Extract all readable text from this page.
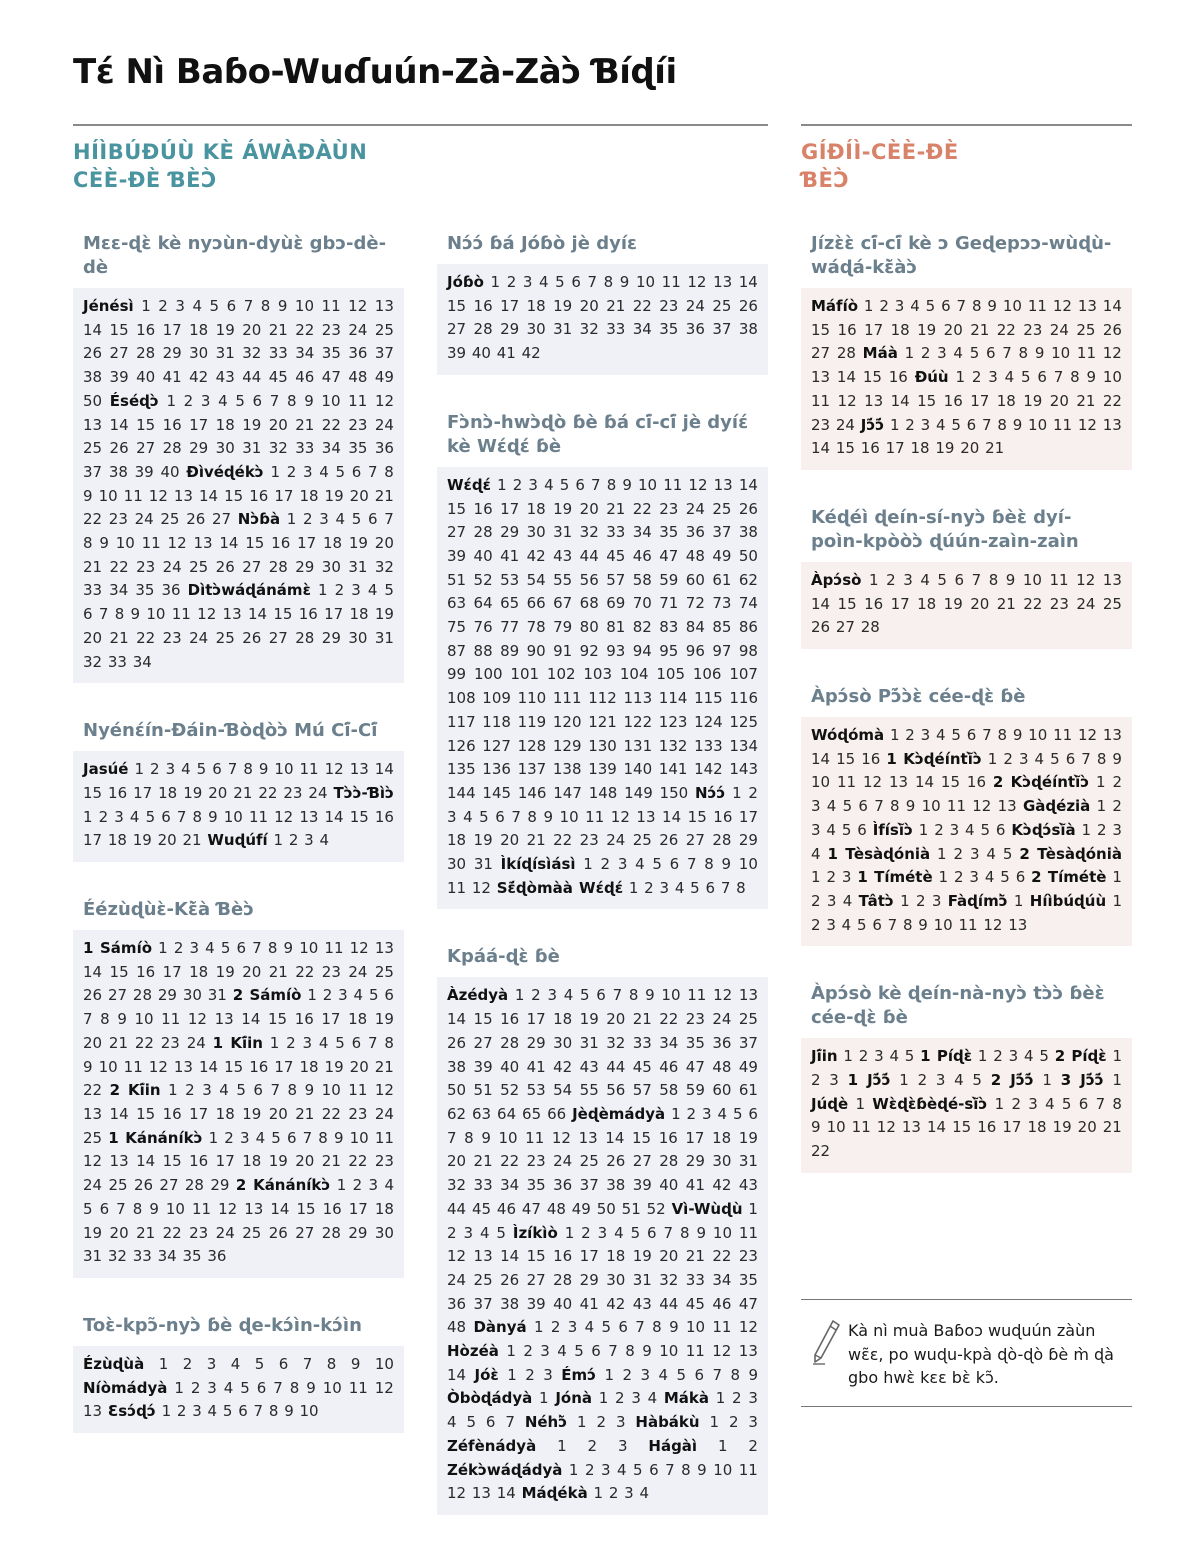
Tɛ́ Nì Baɓo-Wuɗuún-Zà-Zàɔ̀ Ɓíɖíi
HÍÌBÚÐÚÙ KÈ ÁWÀÐÀÙN
CÈÈ-ÐÈ ƁÈƆ̀
GÍÐÍÌ-CÈÈ-ÐÈ
ƁÈƆ̀
Mɛɛ-ɖɛ̀ kè nyɔùn-dyùɛ̀ gbɔ-dè-dè
Jénésì 1 2 3 4 5 6 7 8 9 10 11 12 13 14 15 16 17 18 19 20 21 22 23 24 25 26 27 28 29 30 31 32 33 34 35 36 37 38 39 40 41 42 43 44 45 46 47 48 49 50 Éséɖɔ̀ 1 2 3 4 5 6 7 8 9 10 11 12 13 14 15 16 17 18 19 20 21 22 23 24 25 26 27 28 29 30 31 32 33 34 35 36 37 38 39 40 Ðìvéɖékɔ̀ 1 2 3 4 5 6 7 8 9 10 11 12 13 14 15 16 17 18 19 20 21 22 23 24 25 26 27 Nɔ̀ɓà 1 2 3 4 5 6 7 8 9 10 11 12 13 14 15 16 17 18 19 20 21 22 23 24 25 26 27 28 29 30 31 32 33 34 35 36 Dìtɔ̀wáɖánámɛ̀ 1 2 3 4 5 6 7 8 9 10 11 12 13 14 15 16 17 18 19 20 21 22 23 24 25 26 27 28 29 30 31 32 33 34
Nyénɛ́ín-Ðáin-Ɓòɖòɔ̀ Mú Cĩ́-Cĩ́
Jasúé 1 2 3 4 5 6 7 8 9 10 11 12 13 14 15 16 17 18 19 20 21 22 23 24 Tɔ̀ɔ̀-Ɓìɔ̀ 1 2 3 4 5 6 7 8 9 10 11 12 13 14 15 16 17 18 19 20 21 Wuɖúfí 1 2 3 4
Éézùɖùɛ̀-Kɛ̃̀à Ɓèɔ̀
1 Sámíò 1 2 3 4 5 6 7 8 9 10 11 12 13 14 15 16 17 18 19 20 21 22 23 24 25 26 27 28 29 30 31 2 Sámíò 1 2 3 4 5 6 7 8 9 10 11 12 13 14 15 16 17 18 19 20 21 22 23 24 1 Kĩ́in 1 2 3 4 5 6 7 8 9 10 11 12 13 14 15 16 17 18 19 20 21 22 2 Kĩ́in 1 2 3 4 5 6 7 8 9 10 11 12 13 14 15 16 17 18 19 20 21 22 23 24 25 1 Kánáníkɔ̀ 1 2 3 4 5 6 7 8 9 10 11 12 13 14 15 16 17 18 19 20 21 22 23 24 25 26 27 28 29 2 Kánáníkɔ̀ 1 2 3 4 5 6 7 8 9 10 11 12 13 14 15 16 17 18 19 20 21 22 23 24 25 26 27 28 29 30 31 32 33 34 35 36
Toɛ̀-kpɔ̃-nyɔ̀ ɓè ɖe-kɔ́ìn-kɔ́ìn
Ézùɖùà 1 2 3 4 5 6 7 8 9 10 Níòmádyà 1 2 3 4 5 6 7 8 9 10 11 12 13 Ɛsɔ́ɖɔ́ 1 2 3 4 5 6 7 8 9 10
Nɔ́ɔ́ ɓá Jóɓò jè dyíɛ
Jóɓò 1 2 3 4 5 6 7 8 9 10 11 12 13 14 15 16 17 18 19 20 21 22 23 24 25 26 27 28 29 30 31 32 33 34 35 36 37 38 39 40 41 42
Fɔ̀nɔ̀-hwɔ̀ɖò ɓè ɓá cĩ́-cĩ́ jè dyíɛ́ kè Wɛ́ɖɛ́ ɓè
Wɛ́ɖɛ́ 1 2 3 4 5 6 7 8 9 10 11 12 13 14 15 16 17 18 19 20 21 22 23 24 25 26 27 28 29 30 31 32 33 34 35 36 37 38 39 40 41 42 43 44 45 46 47 48 49 50 51 52 53 54 55 56 57 58 59 60 61 62 63 64 65 66 67 68 69 70 71 72 73 74 75 76 77 78 79 80 81 82 83 84 85 86 87 88 89 90 91 92 93 94 95 96 97 98 99 100 101 102 103 104 105 106 107 108 109 110 111 112 113 114 115 116 117 118 119 120 121 122 123 124 125 126 127 128 129 130 131 132 133 134 135 136 137 138 139 140 141 142 143 144 145 146 147 148 149 150 Nɔ́ɔ́ 1 2 3 4 5 6 7 8 9 10 11 12 13 14 15 16 17 18 19 20 21 22 23 24 25 26 27 28 29 30 31 Ìkíɖísìásì 1 2 3 4 5 6 7 8 9 10 11 12 Sɛ̃́ɖòmàà Wɛ́ɖɛ́ 1 2 3 4 5 6 7 8
Kpáá-ɖɛ̀ ɓè
Àzédyà 1 2 3 4 5 6 7 8 9 10 11 12 13 14 15 16 17 18 19 20 21 22 23 24 25 26 27 28 29 30 31 32 33 34 35 36 37 38 39 40 41 42 43 44 45 46 47 48 49 50 51 52 53 54 55 56 57 58 59 60 61 62 63 64 65 66 Jèɖèmádyà 1 2 3 4 5 6 7 8 9 10 11 12 13 14 15 16 17 18 19 20 21 22 23 24 25 26 27 28 29 30 31 32 33 34 35 36 37 38 39 40 41 42 43 44 45 46 47 48 49 50 51 52 Vì-Wùɖù 1 2 3 4 5 Ìzíkìò 1 2 3 4 5 6 7 8 9 10 11 12 13 14 15 16 17 18 19 20 21 22 23 24 25 26 27 28 29 30 31 32 33 34 35 36 37 38 39 40 41 42 43 44 45 46 47 48 Dànyá 1 2 3 4 5 6 7 8 9 10 11 12 Hòzéà 1 2 3 4 5 6 7 8 9 10 11 12 13 14 Jóɛ̀ 1 2 3 Émɔ́ 1 2 3 4 5 6 7 8 9 Òbòɖádyà 1 Jónà 1 2 3 4 Mákà 1 2 3 4 5 6 7 Néhɔ̃̀ 1 2 3 Hàbákù 1 2 3 Zéfènádyà 1 2 3 Hágàì 1 2 Zékɔ̀wáɖádyà 1 2 3 4 5 6 7 8 9 10 11 12 13 14 Máɖékà 1 2 3 4
Jízɛ̀ɛ̀ cĩ́-cĩ́ kè ɔ Geɖepɔɔ-wùɖù-wáɖá-kɛ̃̀àɔ̀
Máfíò 1 2 3 4 5 6 7 8 9 10 11 12 13 14 15 16 17 18 19 20 21 22 23 24 25 26 27 28 Máà 1 2 3 4 5 6 7 8 9 10 11 12 13 14 15 16 Ðúù 1 2 3 4 5 6 7 8 9 10 11 12 13 14 15 16 17 18 19 20 21 22 23 24 Jɔ̃́ɔ̃́ 1 2 3 4 5 6 7 8 9 10 11 12 13 14 15 16 17 18 19 20 21
Kéɖéì ɖeín-sí-nyɔ̀ ɓèɛ̀ dyí-poìn-kpòòɔ̀ ɖúún-zaìn-zaìn
Àpɔ́sò 1 2 3 4 5 6 7 8 9 10 11 12 13 14 15 16 17 18 19 20 21 22 23 24 25 26 27 28
Àpɔ́sò Pɔ̃́ɔ̀ɛ̀ cée-ɖɛ̀ ɓè
Wóɖómà 1 2 3 4 5 6 7 8 9 10 11 12 13 14 15 16 1 Kɔ̀ɖéíntĩ̀ɔ̀ 1 2 3 4 5 6 7 8 9 10 11 12 13 14 15 16 2 Kɔ̀ɖéíntĩ̀ɔ̀ 1 2 3 4 5 6 7 8 9 10 11 12 13 Gàɖézià 1 2 3 4 5 6 Ìfísĩ̀ɔ̀ 1 2 3 4 5 6 Kɔ̀ɖɔ́sĩ̀à 1 2 3 4 1 Tèsàɖónià 1 2 3 4 5 2 Tèsàɖónià 1 2 3 1 Tímétè 1 2 3 4 5 6 2 Tímétè 1 2 3 4 Tâtɔ̀ 1 2 3 Fàɖímɔ̃̀ 1 Híìbúɖúù 1 2 3 4 5 6 7 8 9 10 11 12 13
Àpɔ́sò kè ɖeín-nà-nyɔ̀ tɔ̀ɔ̀ ɓèɛ̀ cée-ɖɛ̀ ɓè
Jĩ́in 1 2 3 4 5 1 Píɖɛ̀ 1 2 3 4 5 2 Píɖɛ̀ 1 2 3 1 Jɔ̃́ɔ̃́ 1 2 3 4 5 2 Jɔ̃́ɔ̃́ 1 3 Jɔ̃́ɔ̃́ 1 Júɖè 1 Wɛ̀ɖɛ̀ɓèɖé-sĩ̀ɔ̀ 1 2 3 4 5 6 7 8 9 10 11 12 13 14 15 16 17 18 19 20 21 22

Kà nì muà Baɓoɔ wuɖuún zàùn wɛ̃ɛ, po wuɖu-kpà ɖò-ɖò ɓè m̀ ɖà gbo hwɛ̀ kɛɛ bɛ̀ kɔ̃.
